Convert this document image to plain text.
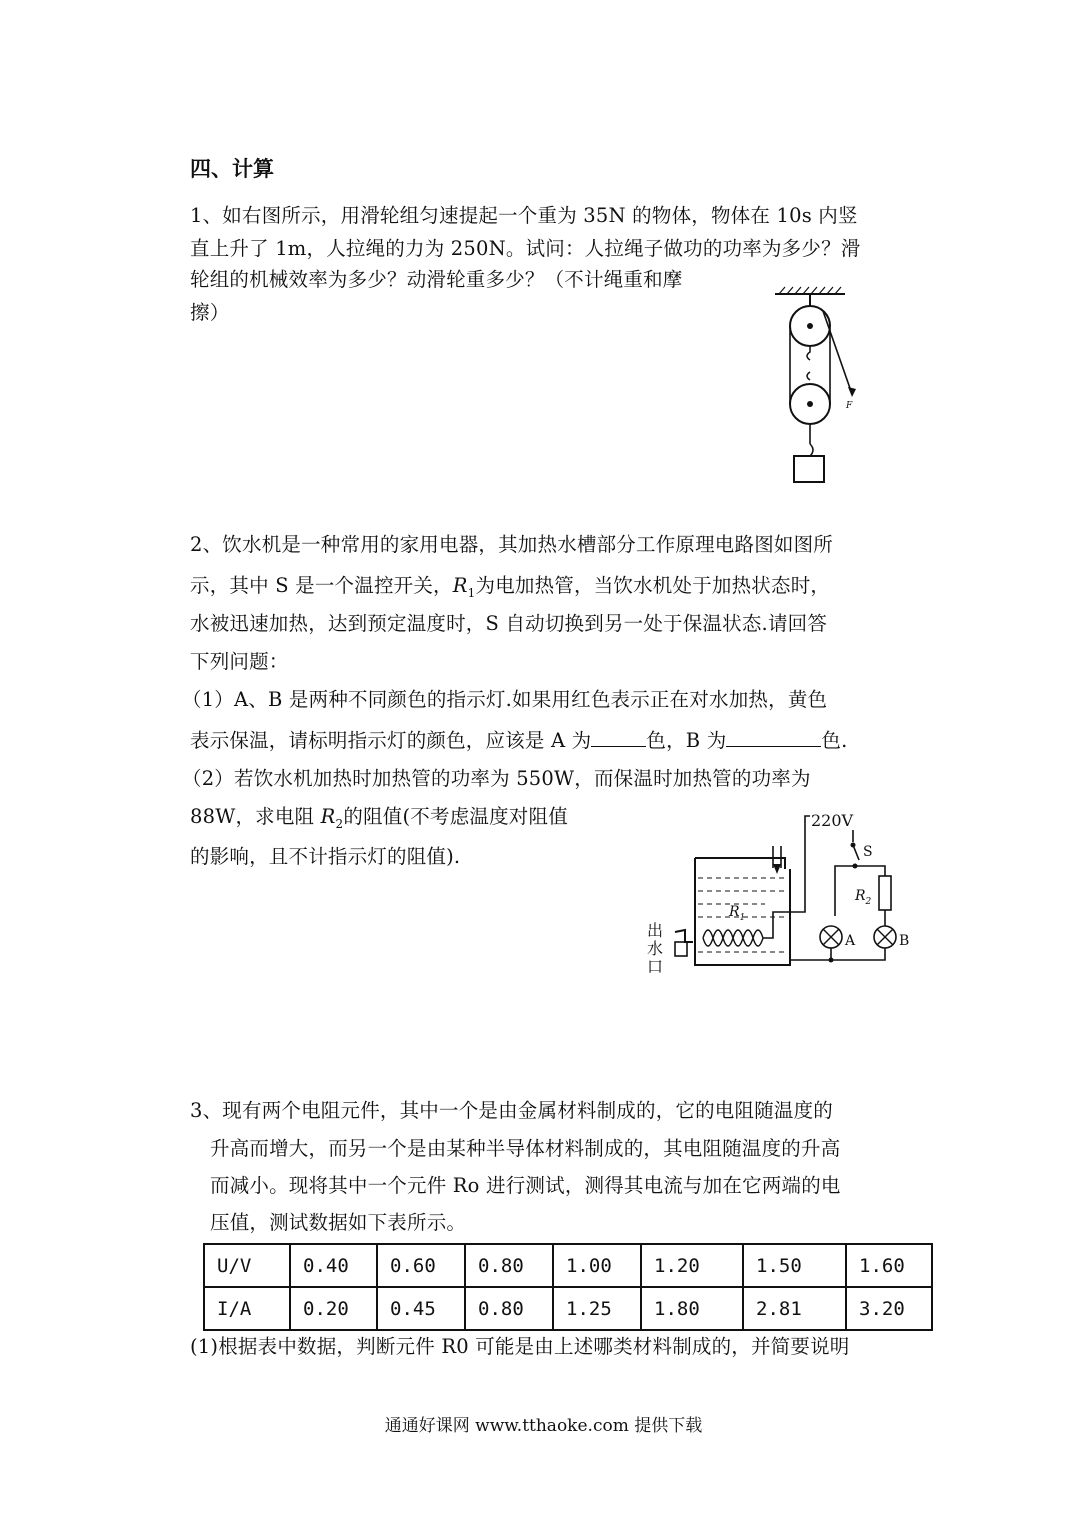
四、计算
1、如右图所示，用滑轮组匀速提起一个重为 35N 的物体，物体在 10s 内竖
直上升了 1m，人拉绳的力为 250N。试问：人拉绳子做功的功率为多少？滑
轮组的机械效率为多少？动滑轮重多少？（不计绳重和摩
擦）
F
2、饮水机是一种常用的家用电器，其加热水槽部分工作原理电路图如图所
示，其中 S 是一个温控开关，$R_1$为电加热管，当饮水机处于加热状态时，
水被迅速加热，达到预定温度时，S 自动切换到另一处于保温状态.请回答
下列问题：
（1）A、B 是两种不同颜色的指示灯.如果用红色表示正在对水加热，黄色
表示保温，请标明指示灯的颜色，应该是 A 为	色，B 为	色.
（2）若饮水机加热时加热管的功率为 550W，而保温时加热管的功率为
88W，求电阻 $R_2$的阻值(不考虑温度对阻值
的影响，且不计指示灯的阻值).
出
水
口
$R_1$
220V
S
$R_2$
A	B
3、现有两个电阻元件，其中一个是由金属材料制成的，它的电阻随温度的
升高而增大，而另一个是由某种半导体材料制成的，其电阻随温度的升高
而减小。现将其中一个元件 Ro 进行测试，测得其电流与加在它两端的电
压值，测试数据如下表所示。
U/V	0.40	0.60	0.80	1.00	1.20	1.50	1.60
I/A	0.20	0.45	0.80	1.25	1.80	2.81	3.20
(1)根据表中数据，判断元件 R0 可能是由上述哪类材料制成的，并简要说明
通通好课网 www.tthaoke.com 提供下载
